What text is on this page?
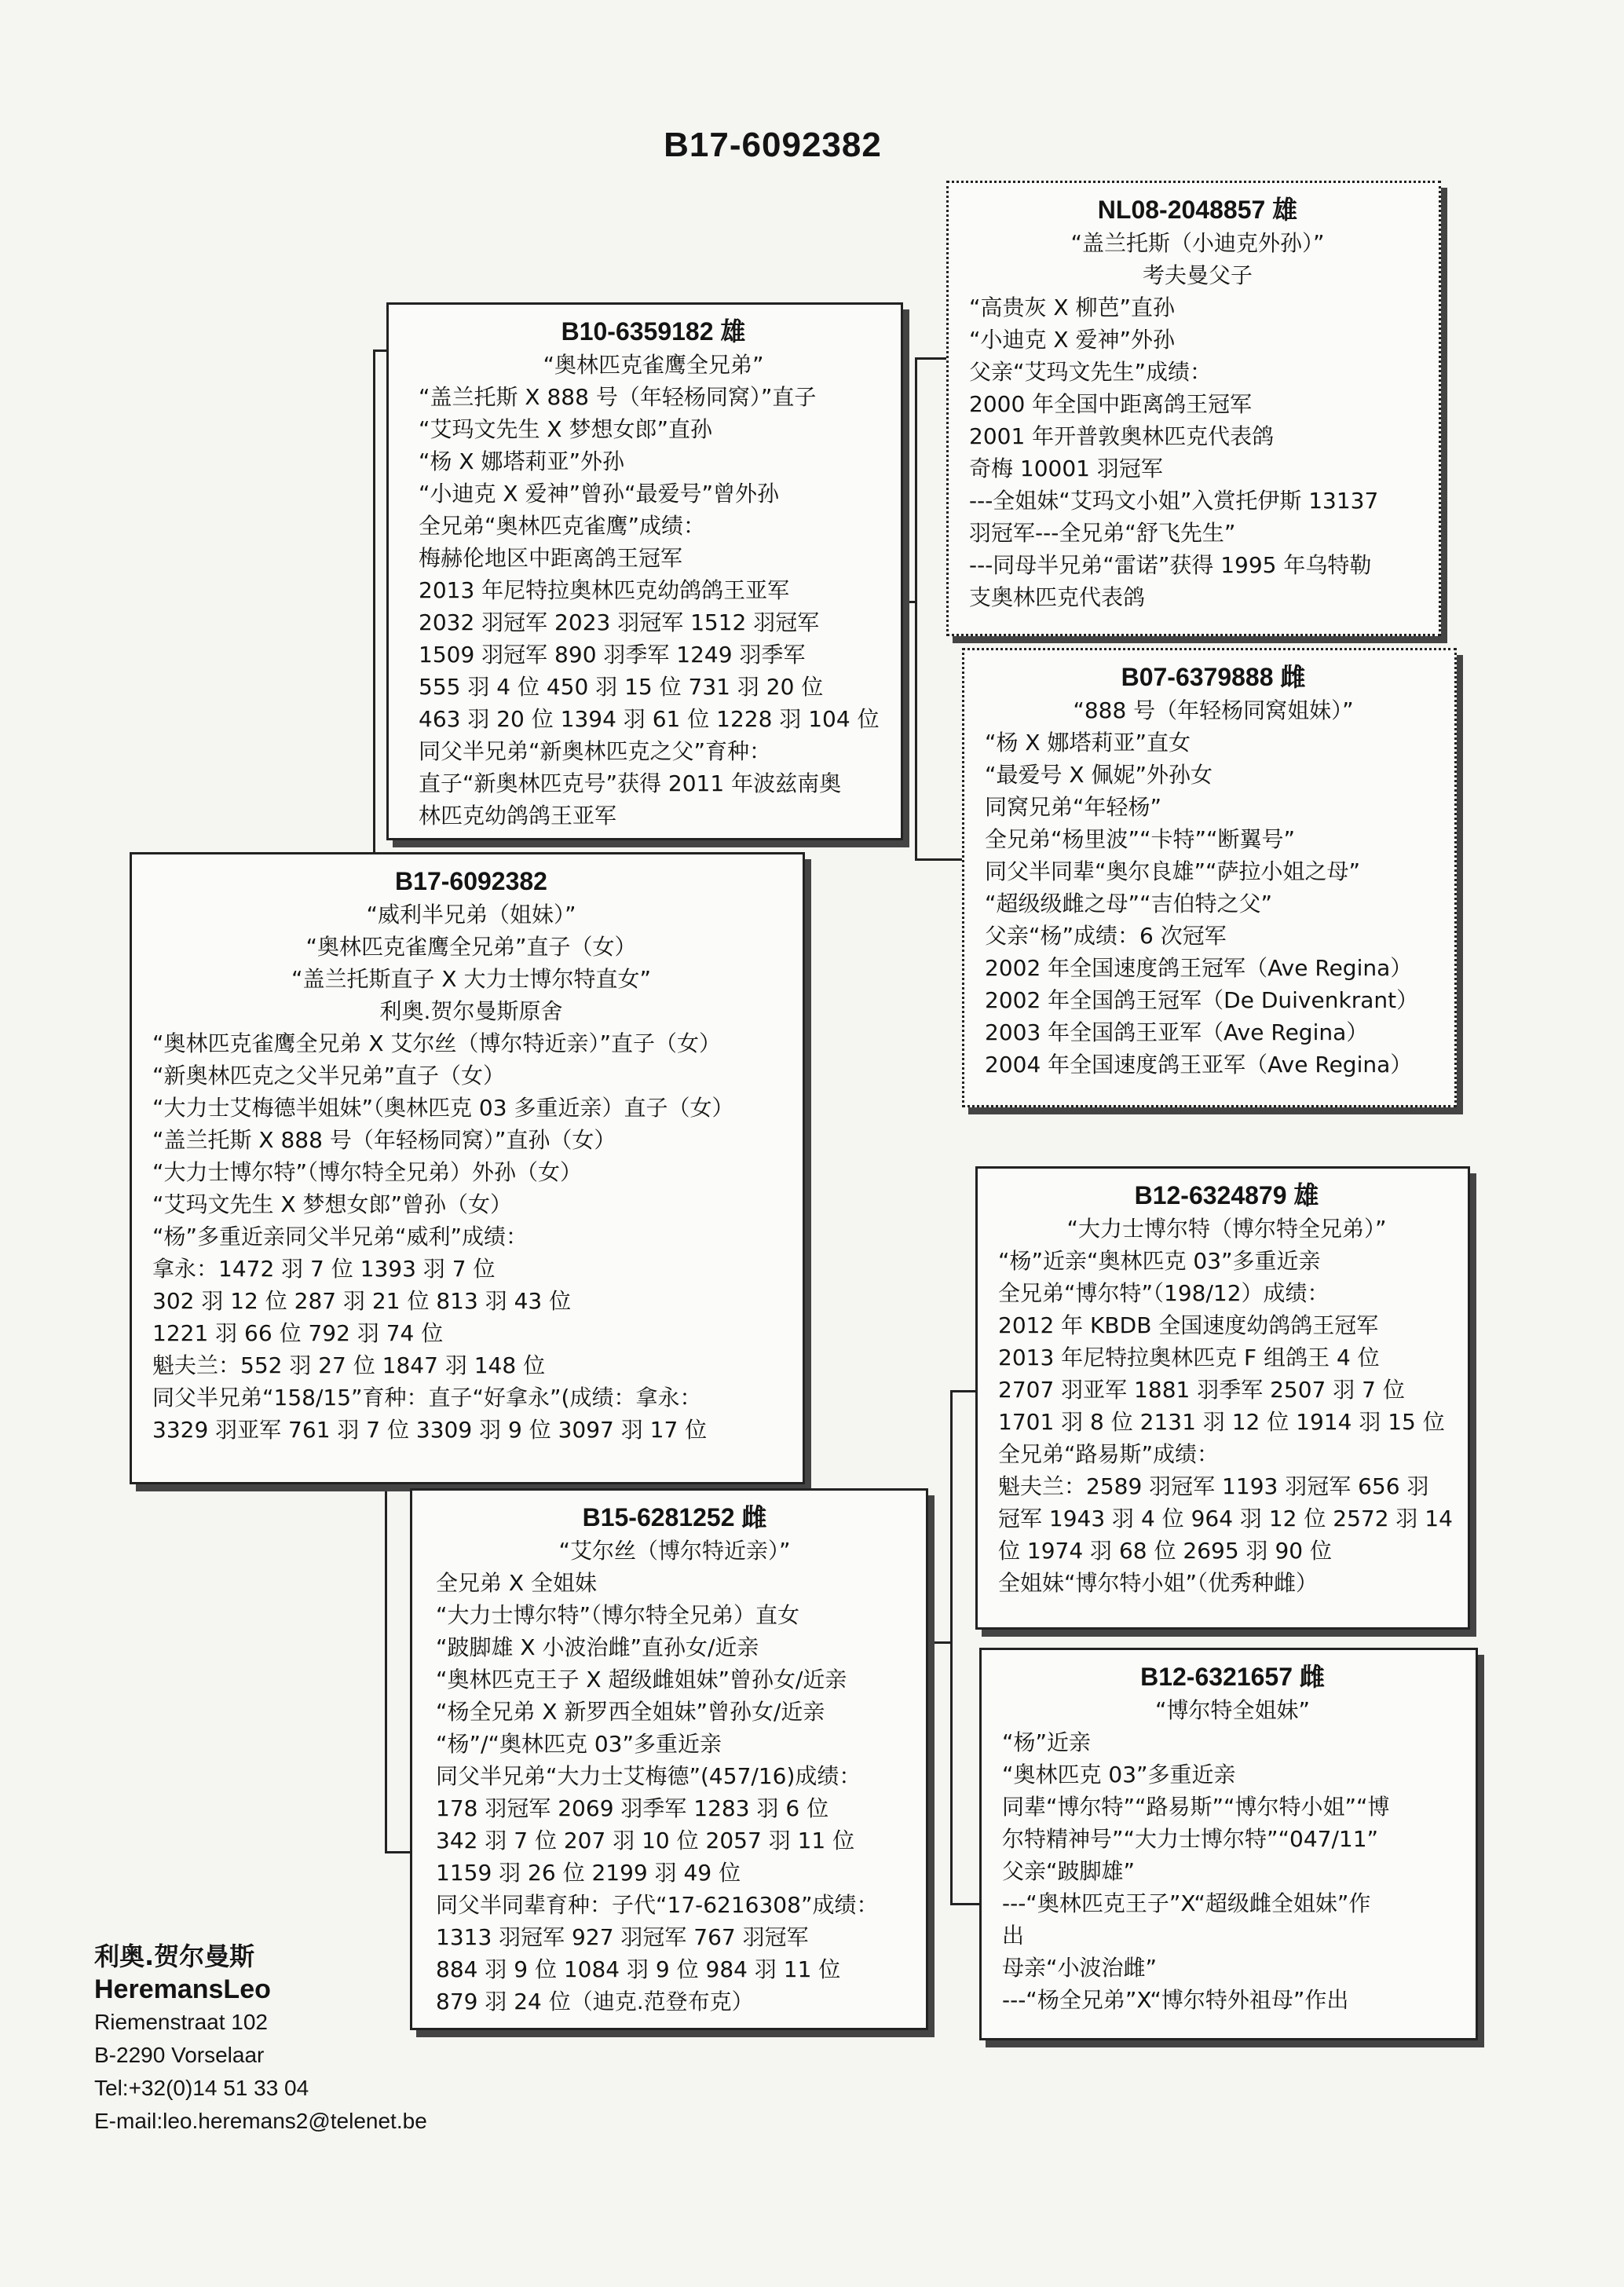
B17-6092382
B10-6359182 雄
“奥林匹克雀鹰全兄弟”
“盖兰托斯 X 888 号（年轻杨同窝）”直子
“艾玛文先生 X 梦想女郎”直孙
“杨 X 娜塔莉亚”外孙
“小迪克 X 爱神”曾孙“最爱号”曾外孙
全兄弟“奥林匹克雀鹰”成绩：
梅赫伦地区中距离鸽王冠军
2013 年尼特拉奥林匹克幼鸽鸽王亚军
2032 羽冠军 2023 羽冠军 1512 羽冠军
1509 羽冠军 890 羽季军 1249 羽季军
555 羽 4 位 450 羽 15 位 731 羽 20 位
463 羽 20 位 1394 羽 61 位 1228 羽 104 位
同父半兄弟“新奥林匹克之父”育种：
直子“新奥林匹克号”获得 2011 年波兹南奥
林匹克幼鸽鸽王亚军
NL08-2048857 雄
“盖兰托斯（小迪克外孙）”
考夫曼父子
“高贵灰 X 柳芭”直孙
“小迪克 X 爱神”外孙
父亲“艾玛文先生”成绩：
2000 年全国中距离鸽王冠军
2001 年开普敦奥林匹克代表鸽
奇梅 10001 羽冠军
---全姐妹“艾玛文小姐”入赏托伊斯 13137
羽冠军---全兄弟“舒飞先生”
---同母半兄弟“雷诺”获得 1995 年乌特勒
支奥林匹克代表鸽
B07-6379888 雌
“888 号（年轻杨同窝姐妹）”
“杨 X 娜塔莉亚”直女
“最爱号 X 佩妮”外孙女
同窝兄弟“年轻杨”
全兄弟“杨里波”“卡特”“断翼号”
同父半同辈“奥尔良雄”“萨拉小姐之母”
“超级级雌之母”“吉伯特之父”
父亲“杨”成绩：6 次冠军
2002 年全国速度鸽王冠军（Ave Regina）
2002 年全国鸽王冠军（De Duivenkrant）
2003 年全国鸽王亚军（Ave Regina）
2004 年全国速度鸽王亚军（Ave Regina）
B17-6092382
“威利半兄弟（姐妹）”
“奥林匹克雀鹰全兄弟”直子（女）
“盖兰托斯直子 X 大力士博尔特直女”
利奥.贺尔曼斯原舍
“奥林匹克雀鹰全兄弟 X 艾尔丝（博尔特近亲）”直子（女）
“新奥林匹克之父半兄弟”直子（女）
“大力士艾梅德半姐妹”（奥林匹克 03 多重近亲）直子（女）
“盖兰托斯 X 888 号（年轻杨同窝）”直孙（女）
“大力士博尔特”（博尔特全兄弟）外孙（女）
“艾玛文先生 X 梦想女郎”曾孙（女）
“杨”多重近亲同父半兄弟“威利”成绩：
拿永：1472 羽 7 位 1393 羽 7 位
302 羽 12 位 287 羽 21 位 813 羽 43 位
1221 羽 66 位 792 羽 74 位
魁夫兰：552 羽 27 位 1847 羽 148 位
同父半兄弟“158/15”育种：直子“好拿永”(成绩：拿永：
3329 羽亚军 761 羽 7 位 3309 羽 9 位 3097 羽 17 位
B12-6324879 雄
“大力士博尔特（博尔特全兄弟）”
“杨”近亲“奥林匹克 03”多重近亲
全兄弟“博尔特”（198/12）成绩：
2012 年 KBDB 全国速度幼鸽鸽王冠军
2013 年尼特拉奥林匹克 F 组鸽王 4 位
2707 羽亚军 1881 羽季军 2507 羽 7 位
1701 羽 8 位 2131 羽 12 位 1914 羽 15 位
全兄弟“路易斯”成绩：
魁夫兰：2589 羽冠军 1193 羽冠军 656 羽
冠军 1943 羽 4 位 964 羽 12 位 2572 羽 14
位 1974 羽 68 位 2695 羽 90 位
全姐妹“博尔特小姐”（优秀种雌）
B15-6281252 雌
“艾尔丝（博尔特近亲）”
全兄弟 X 全姐妹
“大力士博尔特”（博尔特全兄弟）直女
“跛脚雄 X 小波治雌”直孙女/近亲
“奥林匹克王子 X 超级雌姐妹”曾孙女/近亲
“杨全兄弟 X 新罗西全姐妹”曾孙女/近亲
“杨”/“奥林匹克 03”多重近亲
同父半兄弟“大力士艾梅德”(457/16)成绩：
178 羽冠军 2069 羽季军 1283 羽 6 位
342 羽 7 位 207 羽 10 位 2057 羽 11 位
1159 羽 26 位 2199 羽 49 位
同父半同辈育种：子代“17-6216308”成绩：
1313 羽冠军 927 羽冠军 767 羽冠军
884 羽 9 位 1084 羽 9 位 984 羽 11 位
879 羽 24 位（迪克.范登布克）
B12-6321657 雌
“博尔特全姐妹”
“杨”近亲
“奥林匹克 03”多重近亲
同辈“博尔特”“路易斯”“博尔特小姐”“博
尔特精神号”“大力士博尔特”“047/11”
父亲“跛脚雄”
---“奥林匹克王子”X“超级雌全姐妹”作
出
母亲“小波治雌”
---“杨全兄弟”X“博尔特外祖母”作出
利奥.贺尔曼斯
HeremansLeo
Riemenstraat 102
B-2290 Vorselaar
Tel:+32(0)14 51 33 04
E-mail:leo.heremans2@telenet.be
